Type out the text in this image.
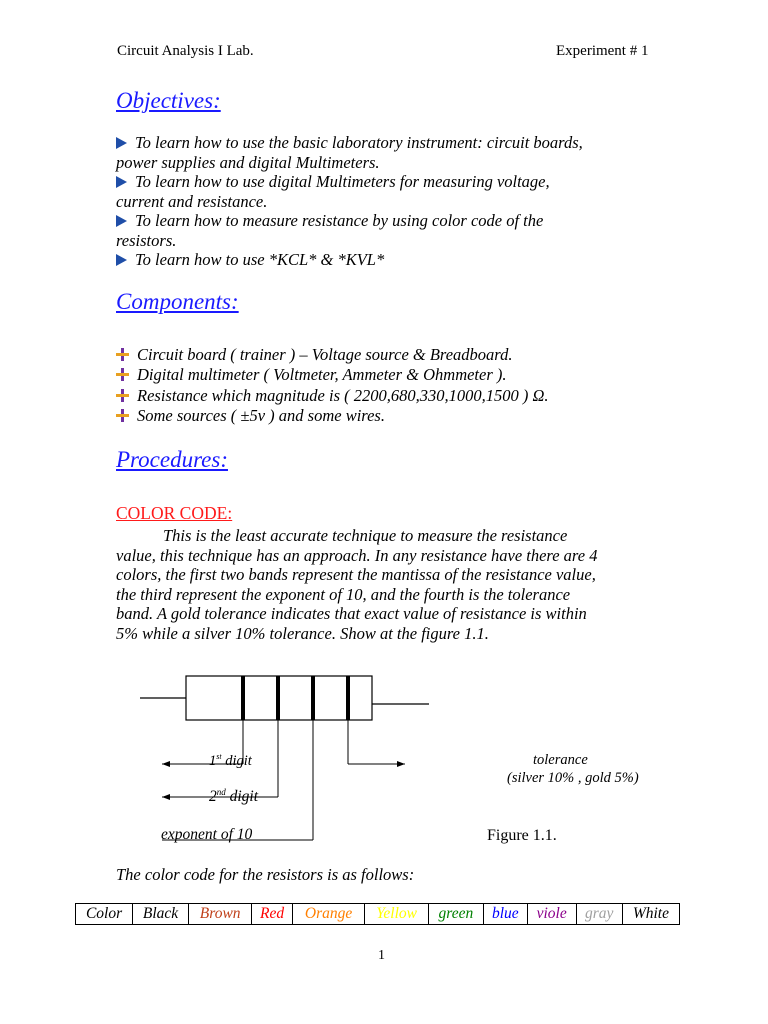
Circuit Analysis I Lab.	Experiment # 1
Objectives:
To learn how to use the basic laboratory instrument: circuit boards,
power supplies and digital Multimeters.
To learn how to use digital Multimeters for measuring voltage,
current and resistance.
To learn how to measure resistance by using color code of the
resistors.
To learn how to use *KCL* & *KVL*
Components:
Circuit board ( trainer ) – Voltage source & Breadboard.
Digital multimeter ( Voltmeter, Ammeter & Ohmmeter ).
Resistance which magnitude is ( 2200,680,330,1000,1500 ) Ω.
Some sources ( ±5v ) and some wires.
Procedures:
COLOR CODE:
This is the least accurate technique to measure the resistance
value, this technique has an approach. In any resistance have there are 4
colors, the first two bands represent the mantissa of the resistance value,
the third represent the exponent of 10, and the fourth is the tolerance
band. A gold tolerance indicates that exact value of resistance is within
5% while a silver 10% tolerance. Show at the figure 1.1.
1st digit
2nd digit
exponent of 10
tolerance
(silver 10% , gold 5%)
Figure 1.1.
The color code for the resistors is as follows:
Color	Black	Brown	Red	Orange	Yellow	green	blue	viole	gray	White
1
